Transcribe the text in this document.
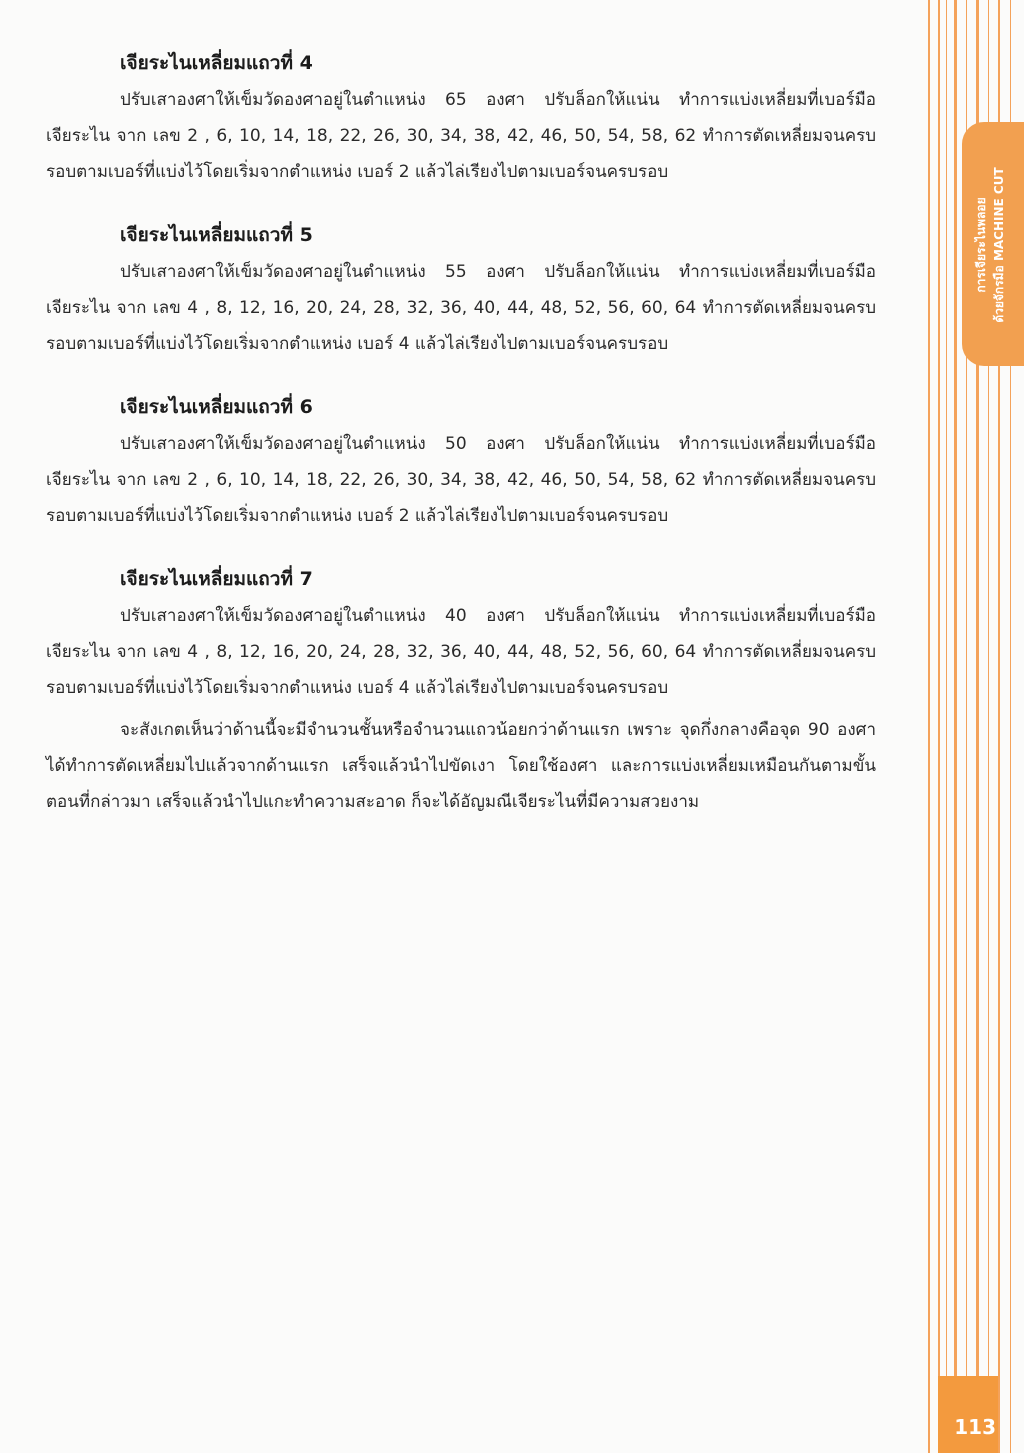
เจียระไนเหลี่ยมแถวที่ 4

ปรับเสาองศาให้เข็มวัดองศาอยู่ในตำแหน่ง 65 องศา ปรับล็อกให้แน่น ทำการแบ่งเหลี่ยมที่เบอร์มือเจียระไน จาก เลข 2 , 6, 10, 14, 18, 22, 26, 30, 34, 38, 42, 46, 50, 54, 58, 62 ทำการตัดเหลี่ยมจนครบรอบตามเบอร์ที่แบ่งไว้โดยเริ่มจากตำแหน่ง เบอร์ 2 แล้วไล่เรียงไปตามเบอร์จนครบรอบ

เจียระไนเหลี่ยมแถวที่ 5

ปรับเสาองศาให้เข็มวัดองศาอยู่ในตำแหน่ง 55 องศา ปรับล็อกให้แน่น ทำการแบ่งเหลี่ยมที่เบอร์มือเจียระไน จาก เลข 4 , 8, 12, 16, 20, 24, 28, 32, 36, 40, 44, 48, 52, 56, 60, 64 ทำการตัดเหลี่ยมจนครบรอบตามเบอร์ที่แบ่งไว้โดยเริ่มจากตำแหน่ง เบอร์ 4 แล้วไล่เรียงไปตามเบอร์จนครบรอบ

เจียระไนเหลี่ยมแถวที่ 6

ปรับเสาองศาให้เข็มวัดองศาอยู่ในตำแหน่ง 50 องศา ปรับล็อกให้แน่น ทำการแบ่งเหลี่ยมที่เบอร์มือเจียระไน จาก เลข 2 , 6, 10, 14, 18, 22, 26, 30, 34, 38, 42, 46, 50, 54, 58, 62 ทำการตัดเหลี่ยมจนครบรอบตามเบอร์ที่แบ่งไว้โดยเริ่มจากตำแหน่ง เบอร์ 2 แล้วไล่เรียงไปตามเบอร์จนครบรอบ

เจียระไนเหลี่ยมแถวที่ 7

ปรับเสาองศาให้เข็มวัดองศาอยู่ในตำแหน่ง 40 องศา ปรับล็อกให้แน่น ทำการแบ่งเหลี่ยมที่เบอร์มือเจียระไน จาก เลข 4 , 8, 12, 16, 20, 24, 28, 32, 36, 40, 44, 48, 52, 56, 60, 64 ทำการตัดเหลี่ยมจนครบรอบตามเบอร์ที่แบ่งไว้โดยเริ่มจากตำแหน่ง เบอร์ 4 แล้วไล่เรียงไปตามเบอร์จนครบรอบ

จะสังเกตเห็นว่าด้านนี้จะมีจำนวนชั้นหรือจำนวนแถวน้อยกว่าด้านแรก เพราะ จุดกึ่งกลางคือจุด 90 องศา ได้ทำการตัดเหลี่ยมไปแล้วจากด้านแรก เสร็จแล้วนำไปขัดเงา โดยใช้องศา และการแบ่งเหลี่ยมเหมือนกันตามขั้นตอนที่กล่าวมา เสร็จแล้วนำไปแกะทำความสะอาด ก็จะได้อัญมณีเจียระไนที่มีความสวยงาม

การเจียระไนพลอย ด้วยจักรมือ MACHINE CUT
113
